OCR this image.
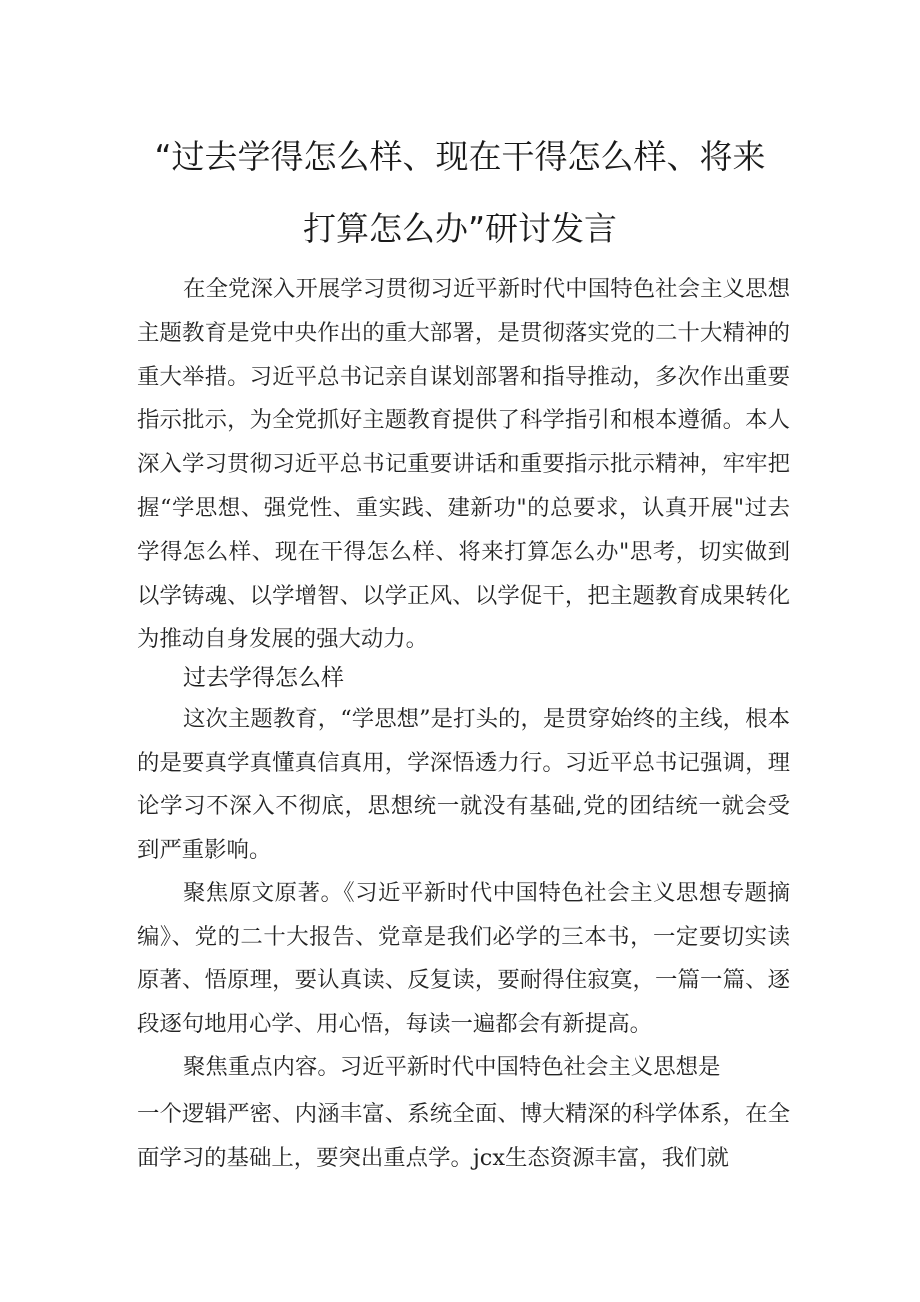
“过去学得怎么样、现在干得怎么样、将来
打算怎么办”研讨发言

在全党深入开展学习贯彻习近平新时代中国特色社会主义思想主题教育是党中央作出的重大部署，是贯彻落实党的二十大精神的重大举措。习近平总书记亲自谋划部署和指导推动，多次作出重要指示批示，为全党抓好主题教育提供了科学指引和根本遵循。本人深入学习贯彻习近平总书记重要讲话和重要指示批示精神，牢牢把握“学思想、强党性、重实践、建新功"的总要求，认真开展"过去学得怎么样、现在干得怎么样、将来打算怎么办"思考，切实做到以学铸魂、以学增智、以学正风、以学促干，把主题教育成果转化为推动自身发展的强大动力。

过去学得怎么样

这次主题教育，“学思想”是打头的，是贯穿始终的主线，根本的是要真学真懂真信真用，学深悟透力行。习近平总书记强调，理论学习不深入不彻底，思想统一就没有基础,党的团结统一就会受到严重影响。

聚焦原文原著。《习近平新时代中国特色社会主义思想专题摘编》、党的二十大报告、党章是我们必学的三本书，一定要切实读原著、悟原理，要认真读、反复读，要耐得住寂寞，一篇一篇、逐段逐句地用心学、用心悟，每读一遍都会有新提高。

聚焦重点内容。习近平新时代中国特色社会主义思想是

一个逻辑严密、内涵丰富、系统全面、博大精深的科学体系，在全面学习的基础上，要突出重点学。jcx生态资源丰富，我们就
